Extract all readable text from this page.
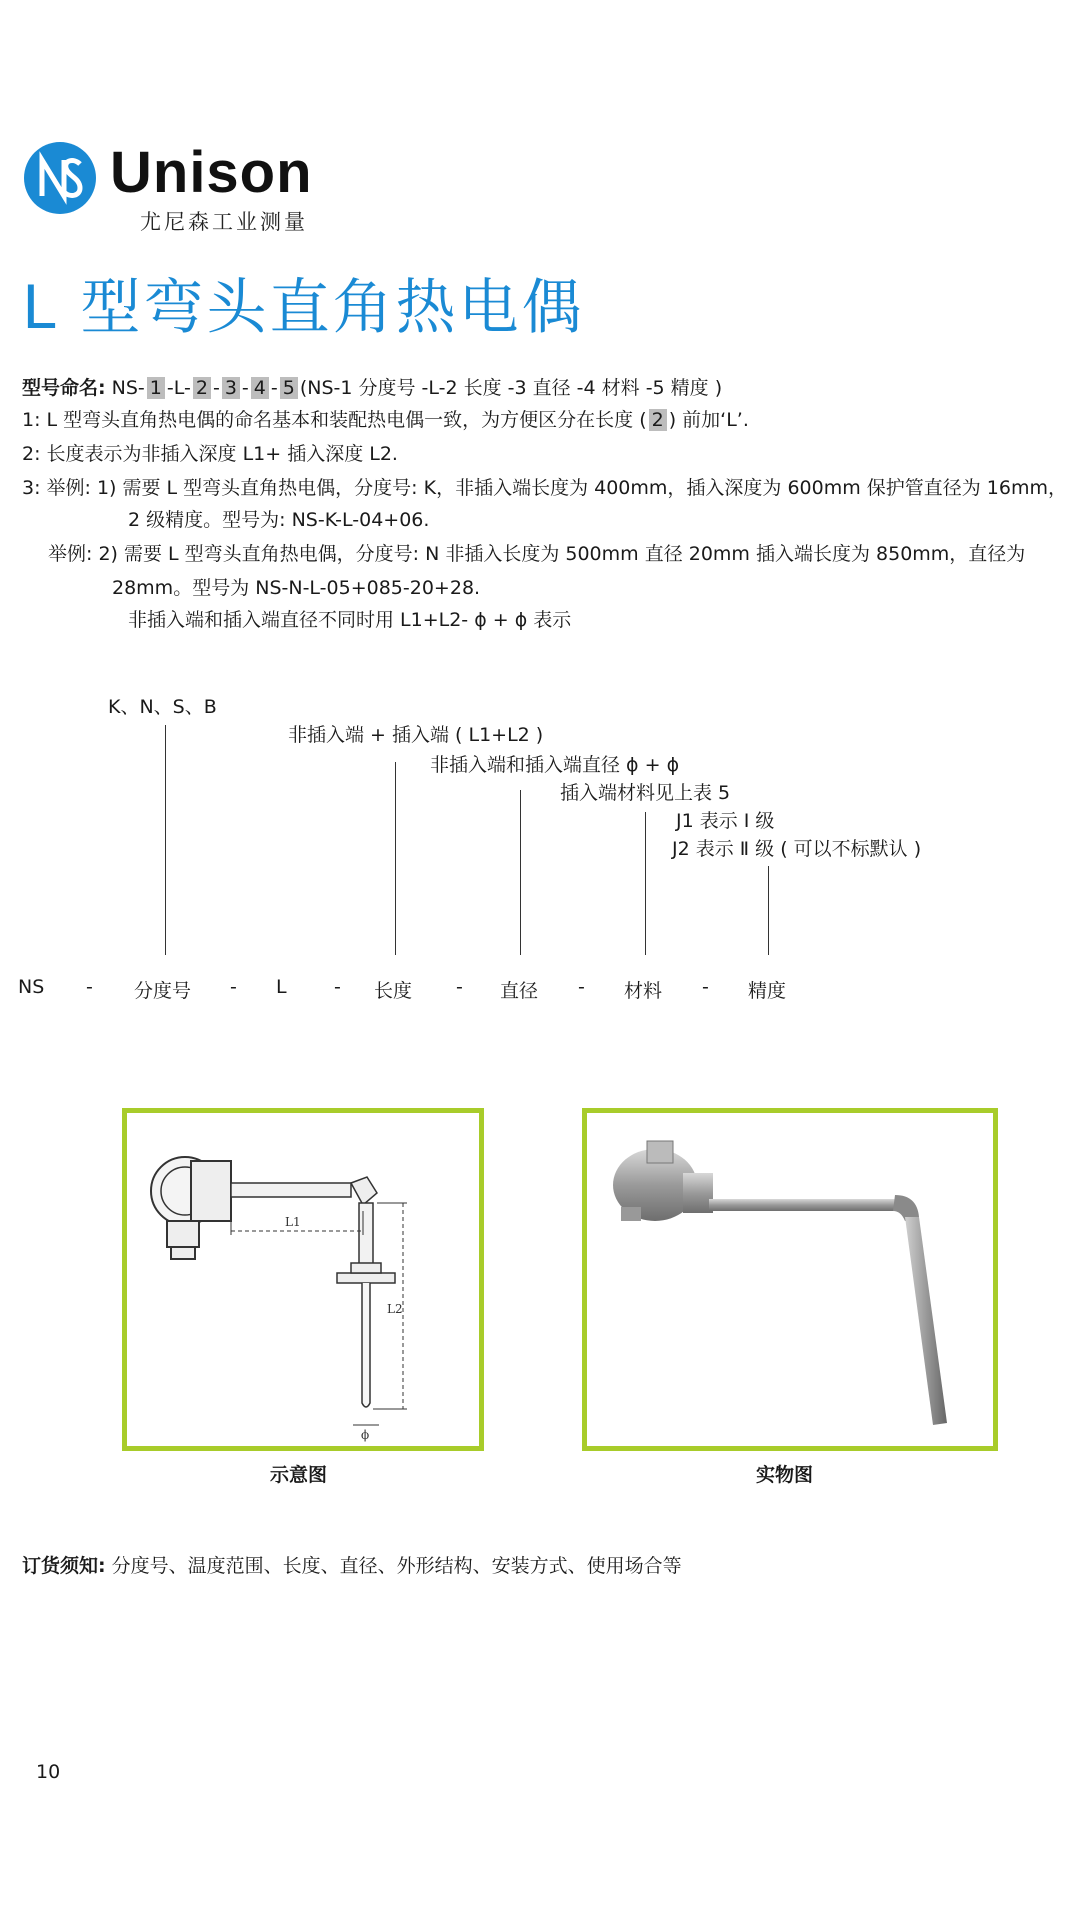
Unison
尤尼森工业测量
L 型弯头直角热电偶
型号命名: NS- 1 -L- 2 - 3 - 4 - 5 (NS-1 分度号 -L-2 长度 -3 直径 -4 材料 -5 精度 )
1: L 型弯头直角热电偶的命名基本和装配热电偶一致，为方便区分在长度 ( 2 ) 前加‘L’.
2: 长度表示为非插入深度 L1+ 插入深度 L2.
3: 举例: 1) 需要 L 型弯头直角热电偶，分度号: K，非插入端长度为 400mm，插入深度为 600mm 保护管直径为 16mm，
2 级精度。型号为: NS-K-L-04+06.
举例: 2) 需要 L 型弯头直角热电偶，分度号: N 非插入长度为 500mm 直径 20mm 插入端长度为 850mm，直径为
28mm。型号为 NS-N-L-05+085-20+28.
非插入端和插入端直径不同时用 L1+L2- ϕ + ϕ 表示
K、N、S、B
非插入端 + 插入端 ( L1+L2 )
非插入端和插入端直径 ϕ + ϕ
插入端材料见上表 5
J1 表示 Ⅰ 级
J2 表示 Ⅱ 级 ( 可以不标默认 )
NS - 分度号 - L - 长度 - 直径 - 材料 - 精度
L1
L2
ϕ
示意图	实物图
订货须知: 分度号、温度范围、长度、直径、外形结构、安装方式、使用场合等
10
